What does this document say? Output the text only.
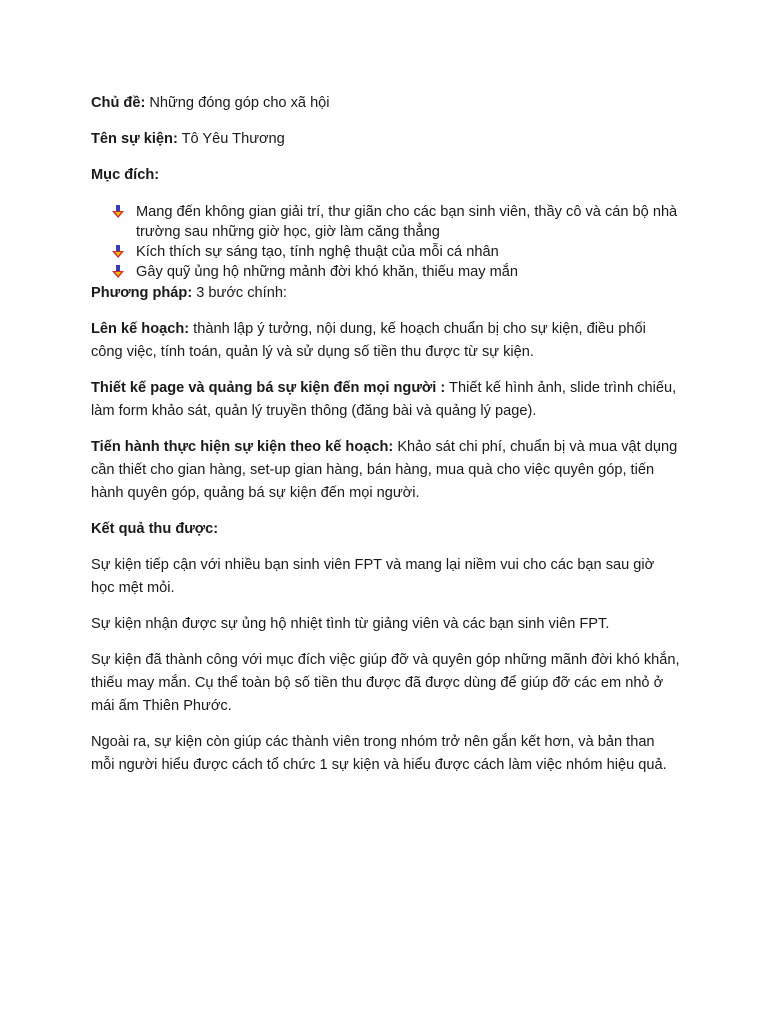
Chủ đề: Những đóng góp cho xã hội

Tên sự kiện: Tô Yêu Thương

Mục đích:

Mang đến không gian giải trí, thư giãn cho các bạn sinh viên, thầy cô và cán bộ nhà trường sau những giờ học, giờ làm căng thẳng
Kích thích sự sáng tạo, tính nghệ thuật của mỗi cá nhân
Gây quỹ ủng hộ những mảnh đời khó khăn, thiếu may mắn

Phương pháp: 3 bước chính:

Lên kế hoạch: thành lập ý tưởng, nội dung, kế hoạch chuẩn bị cho sự kiện, điều phối công việc, tính toán, quản lý và sử dụng số tiền thu được từ sự kiện.

Thiết kế page và quảng bá sự kiện đến mọi người : Thiết kế hình ảnh, slide trình chiếu, làm form khảo sát, quản lý truyền thông (đăng bài và quảng lý page).

Tiến hành thực hiện sự kiện theo kế hoạch: Khảo sát chi phí, chuẩn bị và mua vật dụng cần thiết cho gian hàng, set-up gian hàng, bán hàng, mua quà cho việc quyên góp, tiến hành quyên góp, quảng bá sự kiện đến mọi người.

Kết quả thu được:

Sự kiện tiếp cận với nhiều bạn sinh viên FPT và mang lại niềm vui cho các bạn sau giờ học mệt mỏi.

Sự kiện nhận được sự ủng hộ nhiệt tình từ giảng viên và các bạn sinh viên FPT.

Sự kiện đã thành công với mục đích việc giúp đỡ và quyên góp những mãnh đời khó khắn, thiếu may mắn. Cụ thể toàn bộ số tiền thu được đã được dùng để giúp đỡ các em nhỏ ở mái ấm Thiên Phước.

Ngoài ra, sự kiện còn giúp các thành viên trong nhóm trở nên gắn kết hơn, và bản than mỗi người hiểu được cách tổ chức 1 sự kiện và hiểu được cách làm việc nhóm hiệu quả.
